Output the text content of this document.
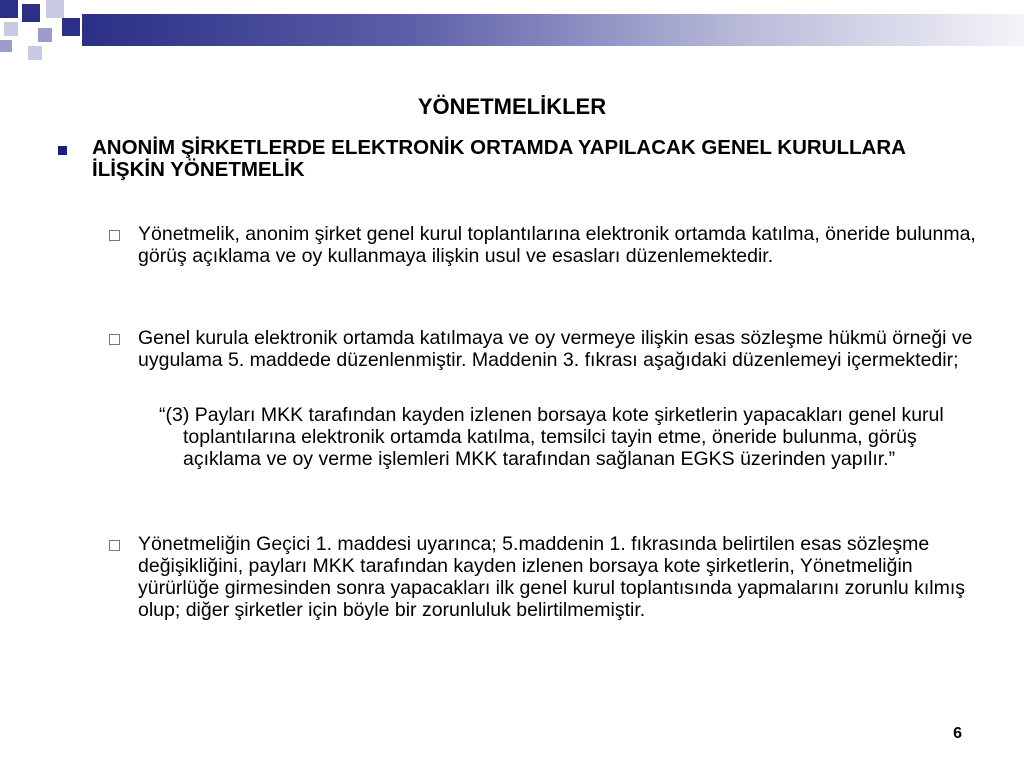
YÖNETMELİKLER
ANONİM ŞİRKETLERDE ELEKTRONİK ORTAMDA YAPILACAK GENEL KURULLARA İLİŞKİN YÖNETMELİK
Yönetmelik, anonim şirket genel kurul toplantılarına elektronik ortamda katılma, öneride bulunma, görüş açıklama ve oy kullanmaya ilişkin usul ve esasları düzenlemektedir.
Genel kurula elektronik ortamda katılmaya ve oy vermeye ilişkin esas sözleşme hükmü örneği ve uygulama 5. maddede düzenlenmiştir. Maddenin 3. fıkrası aşağıdaki düzenlemeyi içermektedir;
“(3) Payları MKK tarafından kayden izlenen borsaya kote şirketlerin yapacakları genel kurul toplantılarına elektronik ortamda katılma, temsilci tayin etme, öneride bulunma, görüş açıklama ve oy verme işlemleri MKK tarafından sağlanan EGKS üzerinden yapılır.”
Yönetmeliğin Geçici 1. maddesi uyarınca; 5.maddenin 1. fıkrasında belirtilen esas sözleşme değişikliğini, payları MKK tarafından kayden izlenen borsaya kote şirketlerin, Yönetmeliğin yürürlüğe girmesinden sonra yapacakları ilk genel kurul toplantısında yapmalarını zorunlu kılmış olup; diğer şirketler için böyle bir zorunluluk belirtilmemiştir.
6
